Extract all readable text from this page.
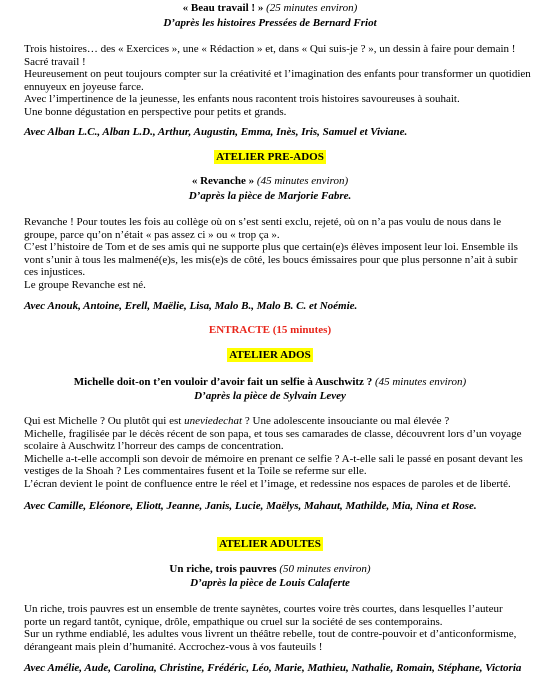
« Beau travail ! » (25 minutes environ)

D’après les histoires Pressées de Bernard Friot

Trois histoires… des « Exercices », une « Rédaction » et, dans « Qui suis-je ? », un dessin à faire pour demain !
Sacré travail !
Heureusement on peut toujours compter sur la créativité et l’imagination des enfants pour transformer un quotidien
ennuyeux en joyeuse farce.
Avec l’impertinence de la jeunesse, les enfants nous racontent trois histoires savoureuses à souhait.
Une bonne dégustation en perspective pour petits et grands.

Avec Alban L.C., Alban L.D., Arthur, Augustin, Emma, Inès, Iris, Samuel et Viviane.

ATELIER PRE-ADOS

« Revanche » (45 minutes environ)

D’après la pièce de Marjorie Fabre.

Revanche ! Pour toutes les fois au collège où on s’est senti exclu, rejeté, où on n’a pas voulu de nous dans le
groupe, parce qu’on n’était « pas assez ci » ou « trop ça ».
C’est l’histoire de Tom et de ses amis qui ne supporte plus que certain(e)s élèves imposent leur loi. Ensemble ils
vont s’unir à tous les malmené(e)s, les mis(e)s de côté, les boucs émissaires pour que plus personne n’ait à subir
ces injustices.
Le groupe Revanche est né.

Avec Anouk, Antoine, Erell, Maëlie, Lisa, Malo B., Malo B. C. et Noémie.

ENTRACTE (15 minutes)

ATELIER ADOS

Michelle doit-on t’en vouloir d’avoir fait un selfie à Auschwitz ? (45 minutes environ)

D’après la pièce de Sylvain Levey

Qui est Michelle ? Ou plutôt qui est uneviedechat ? Une adolescente insouciante ou mal élevée ?
Michelle, fragilisée par le décès récent de son papa, et tous ses camarades de classe, découvrent lors d’un voyage
scolaire à Auschwitz l’horreur des camps de concentration.
Michelle a-t-elle accompli son devoir de mémoire en prenant ce selfie ? A-t-elle sali le passé en posant devant les
vestiges de la Shoah ? Les commentaires fusent et la Toile se referme sur elle.
L’écran devient le point de confluence entre le réel et l’image, et redessine nos espaces de paroles et de liberté.

Avec Camille, Eléonore, Eliott, Jeanne, Janis, Lucie, Maëlys, Mahaut, Mathilde, Mia, Nina et Rose.

ATELIER ADULTES

Un riche, trois pauvres (50 minutes environ)

D’après la pièce de Louis Calaferte

Un riche, trois pauvres est un ensemble de trente saynètes, courtes voire très courtes, dans lesquelles l’auteur
porte un regard tantôt, cynique, drôle, empathique ou cruel sur la société de ses contemporains.
Sur un rythme endiablé, les adultes vous livrent un théâtre rebelle, tout de contre-pouvoir et d’anticonformisme,
dérangeant mais plein d’humanité. Accrochez-vous à vos fauteuils !

Avec Amélie, Aude, Carolina, Christine, Frédéric, Léo, Marie, Mathieu, Nathalie, Romain, Stéphane, Victoria
